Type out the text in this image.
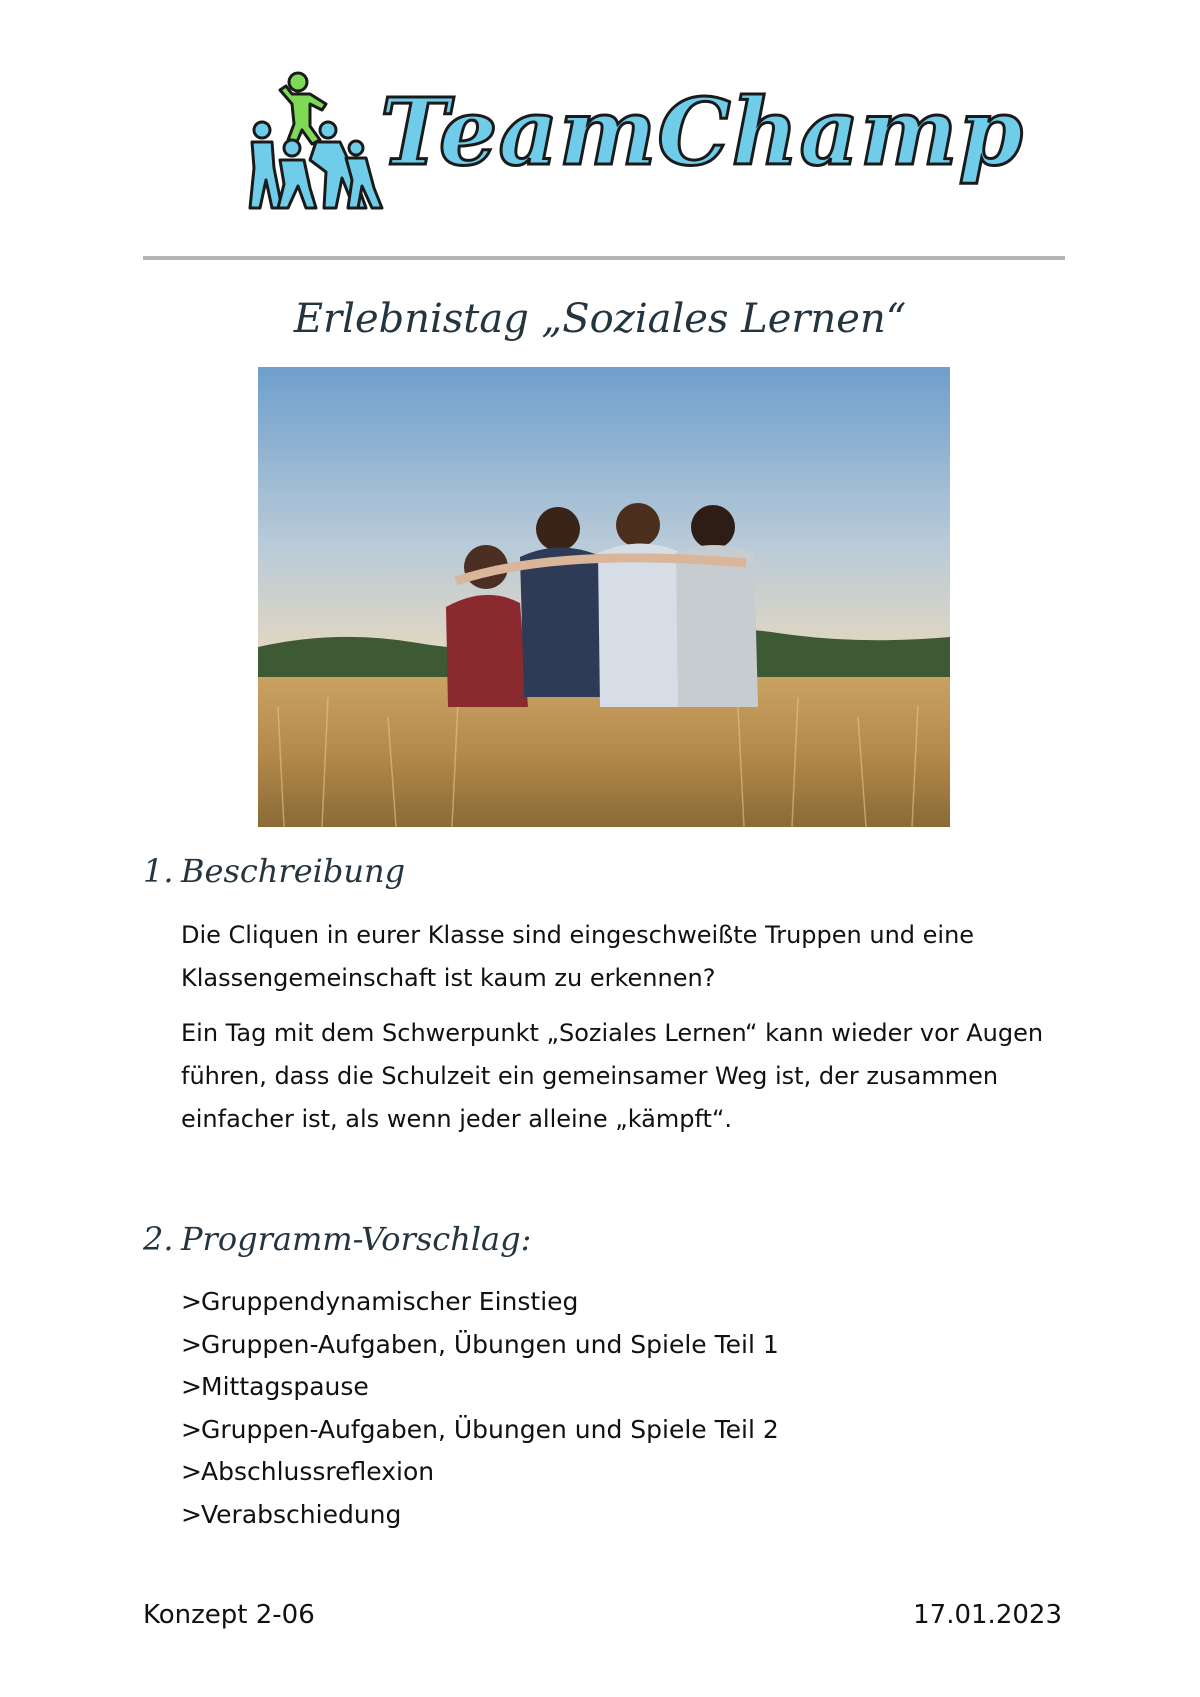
TeamChamp
Erlebnistag „Soziales Lernen“
1. Beschreibung
Die Cliquen in eurer Klasse sind eingeschweißte Truppen und eine Klassengemeinschaft ist kaum zu erkennen?
Ein Tag mit dem Schwerpunkt „Soziales Lernen“ kann wieder vor Augen führen, dass die Schulzeit ein gemeinsamer Weg ist, der zusammen einfacher ist, als wenn jeder alleine „kämpft“.
2. Programm-Vorschlag:
>Gruppendynamischer Einstieg
>Gruppen-Aufgaben, Übungen und Spiele Teil 1
>Mittagspause
>Gruppen-Aufgaben, Übungen und Spiele Teil 2
>Abschlussreflexion
>Verabschiedung
Konzept 2-06	17.01.2023
